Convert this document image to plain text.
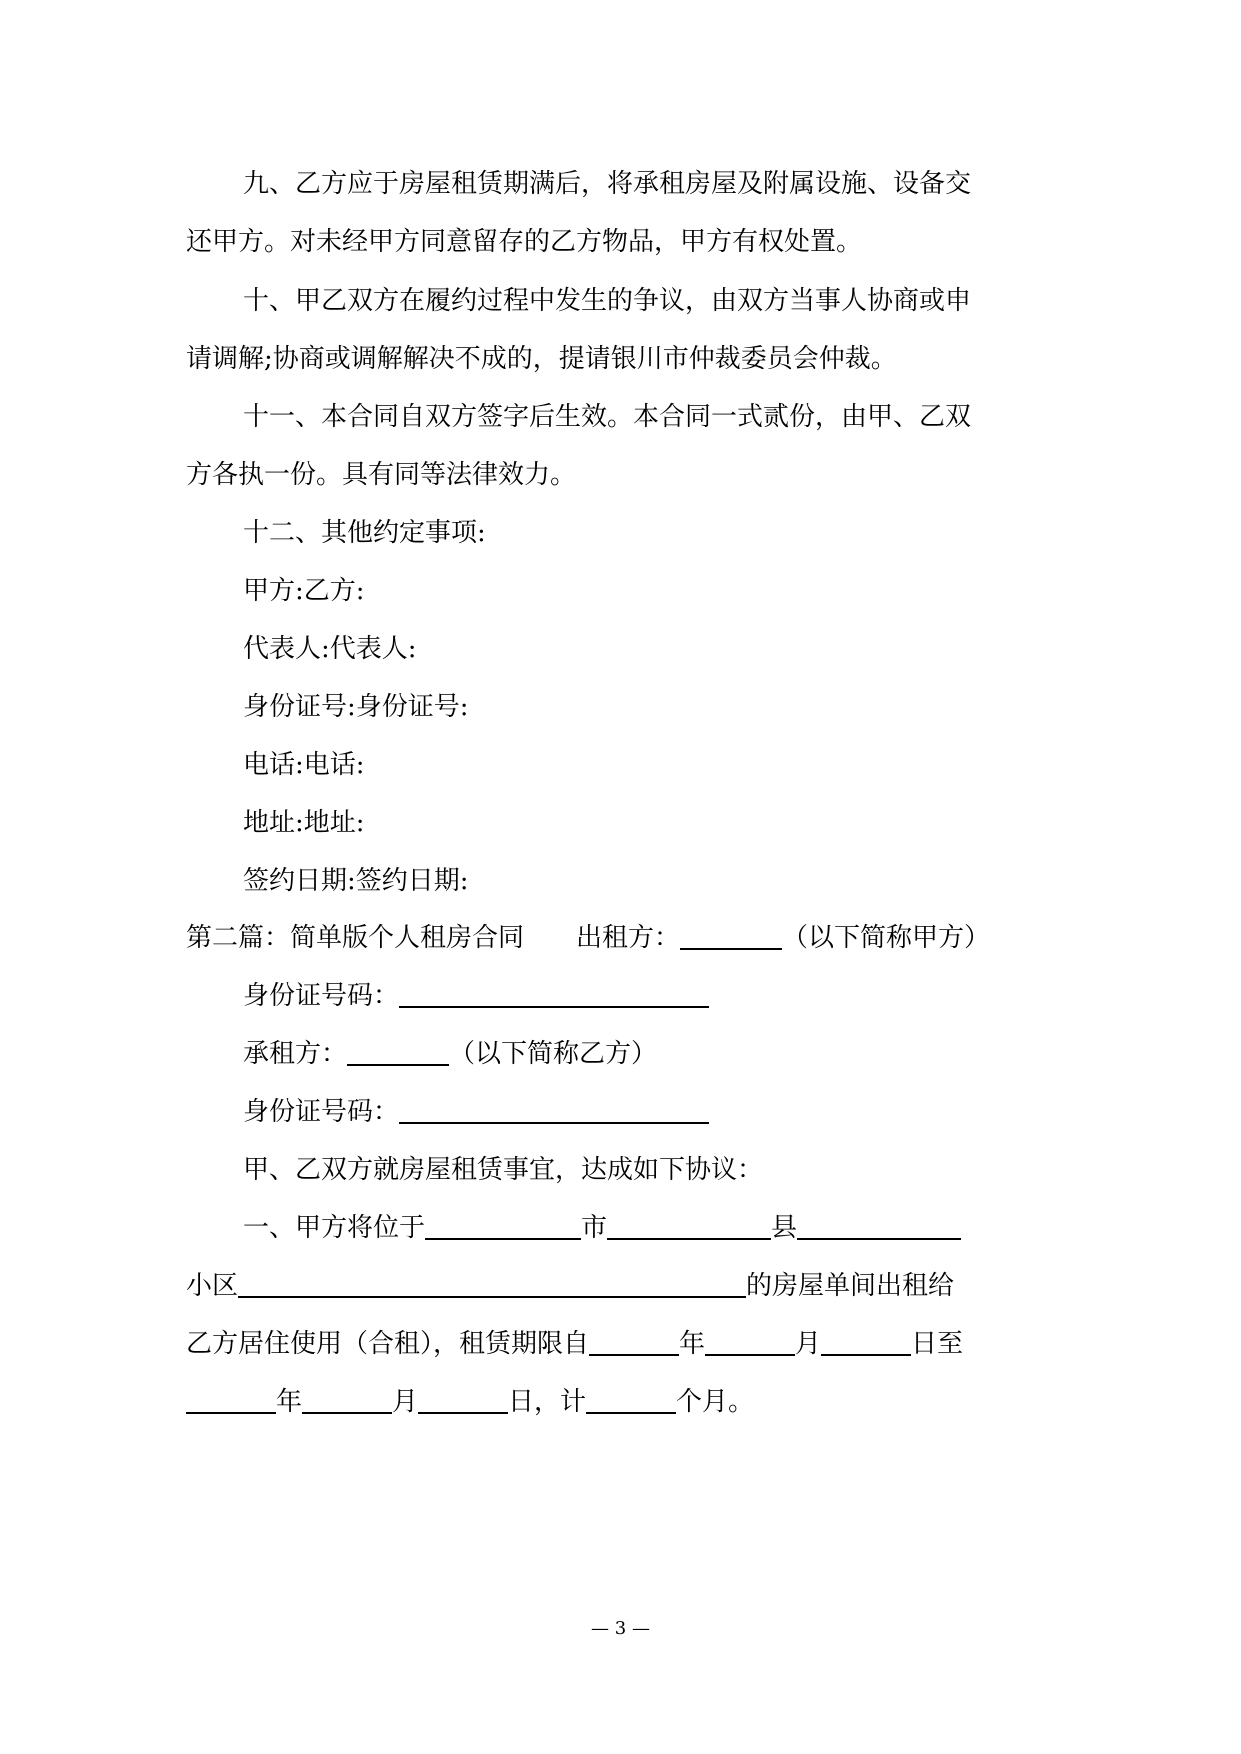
九、乙方应于房屋租赁期满后，将承租房屋及附属设施、设备交
还甲方。对未经甲方同意留存的乙方物品，甲方有权处置。
十、甲乙双方在履约过程中发生的争议，由双方当事人协商或申
请调解;协商或调解解决不成的，提请银川市仲裁委员会仲裁。
十一、本合同自双方签字后生效。本合同一式贰份，由甲、乙双
方各执一份。具有同等法律效力。
十二、其他约定事项:
甲方:乙方:
代表人:代表人:
身份证号:身份证号:
电话:电话:
地址:地址:
签约日期:签约日期:
第二篇：简单版个人租房合同 出租方：	（以下简称甲方）
身份证号码：
承租方：	（以下简称乙方）
身份证号码：
甲、乙双方就房屋租赁事宜，达成如下协议：
一、甲方将位于	市	县
小区	的房屋单间出租给
乙方居住使用（合租），租赁期限自	年	月	日至
年	月	日，计	个月。
— 3 —
